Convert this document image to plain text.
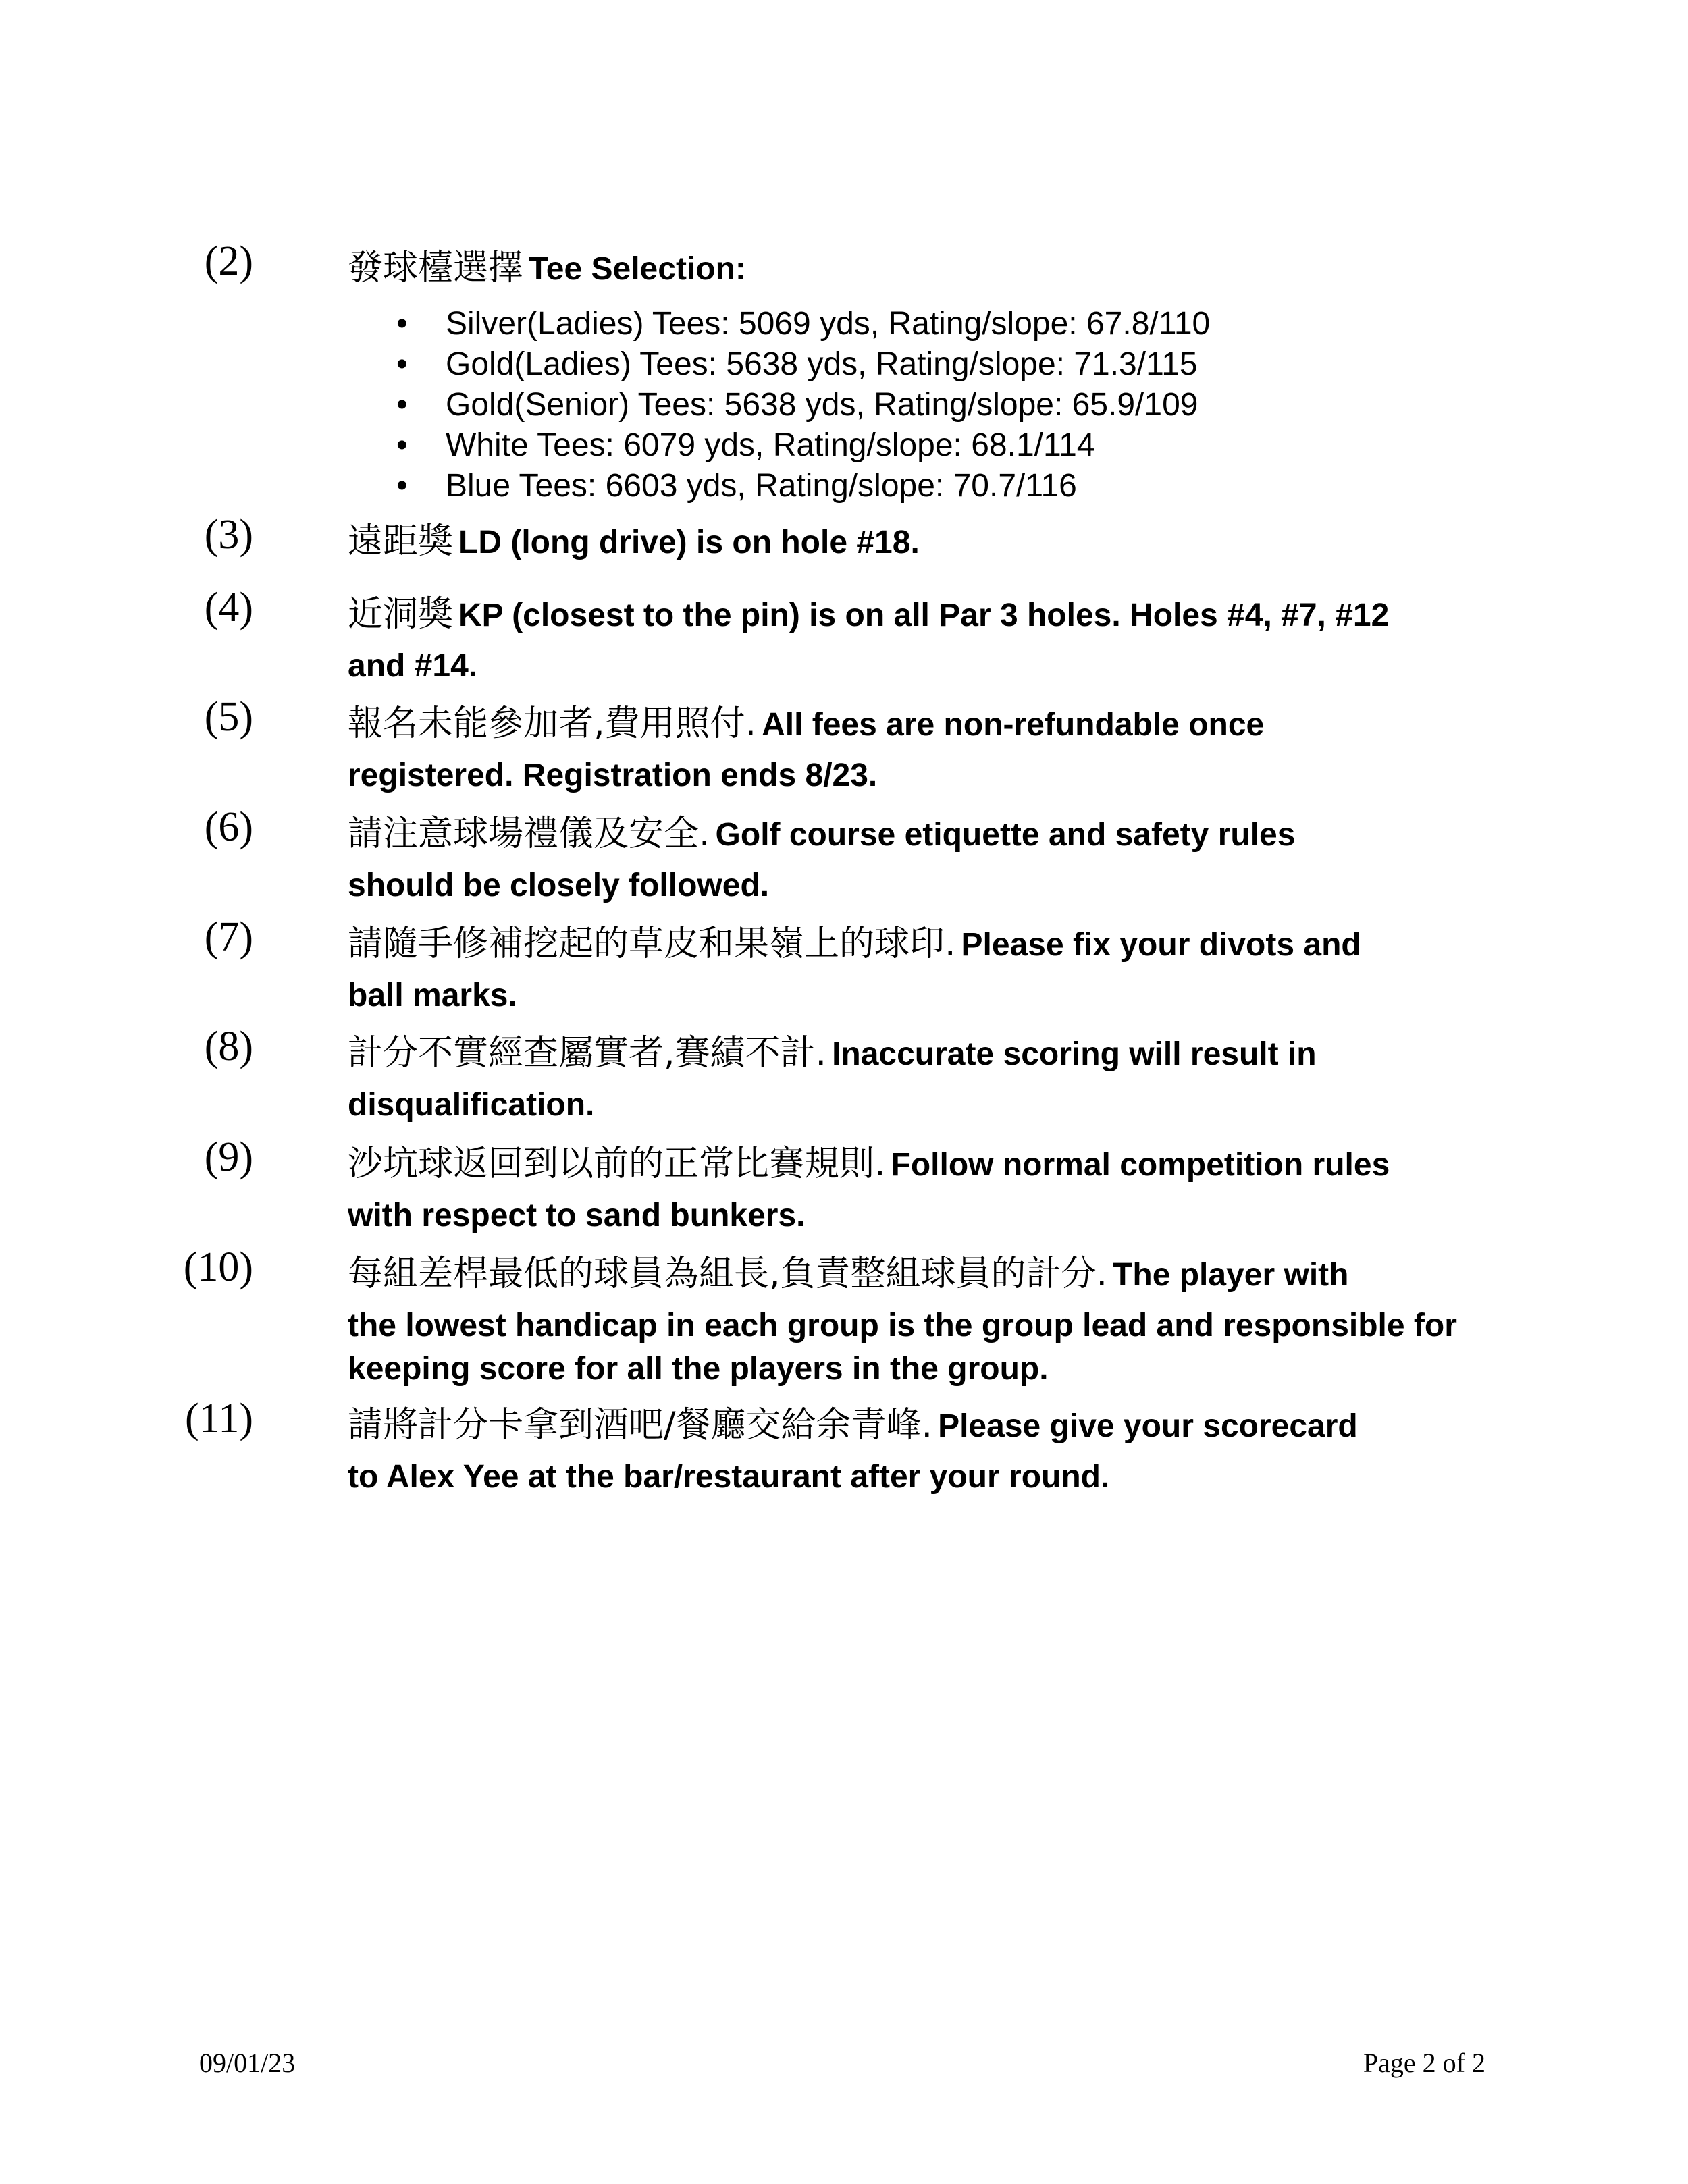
(2)	發球檯選擇 Tee Selection:
• Silver(Ladies) Tees: 5069 yds, Rating/slope: 67.8/110
• Gold(Ladies) Tees: 5638 yds, Rating/slope: 71.3/115
• Gold(Senior) Tees: 5638 yds, Rating/slope: 65.9/109
• White Tees: 6079 yds, Rating/slope: 68.1/114
• Blue Tees: 6603 yds, Rating/slope: 70.7/116
(3)	遠距獎 LD (long drive) is on hole #18.
(4)	近洞獎 KP (closest to the pin) is on all Par 3 holes. Holes #4, #7, #12
and #14.
(5)	報名未能參加者,費用照付. All fees are non-refundable once
registered. Registration ends 8/23.
(6)	請注意球場禮儀及安全. Golf course etiquette and safety rules
should be closely followed.
(7)	請隨手修補挖起的草皮和果嶺上的球印. Please fix your divots and
ball marks.
(8)	計分不實經查屬實者,賽績不計. Inaccurate scoring will result in
disqualification.
(9)	沙坑球返回到以前的正常比賽規則. Follow normal competition rules
with respect to sand bunkers.
(10)	每組差桿最低的球員為組長,負責整組球員的計分. The player with
the lowest handicap in each group is the group lead and responsible for
keeping score for all the players in the group.
(11)	請將計分卡拿到酒吧/餐廳交給余青峰. Please give your scorecard
to Alex Yee at the bar/restaurant after your round.
09/01/23	Page 2 of 2
